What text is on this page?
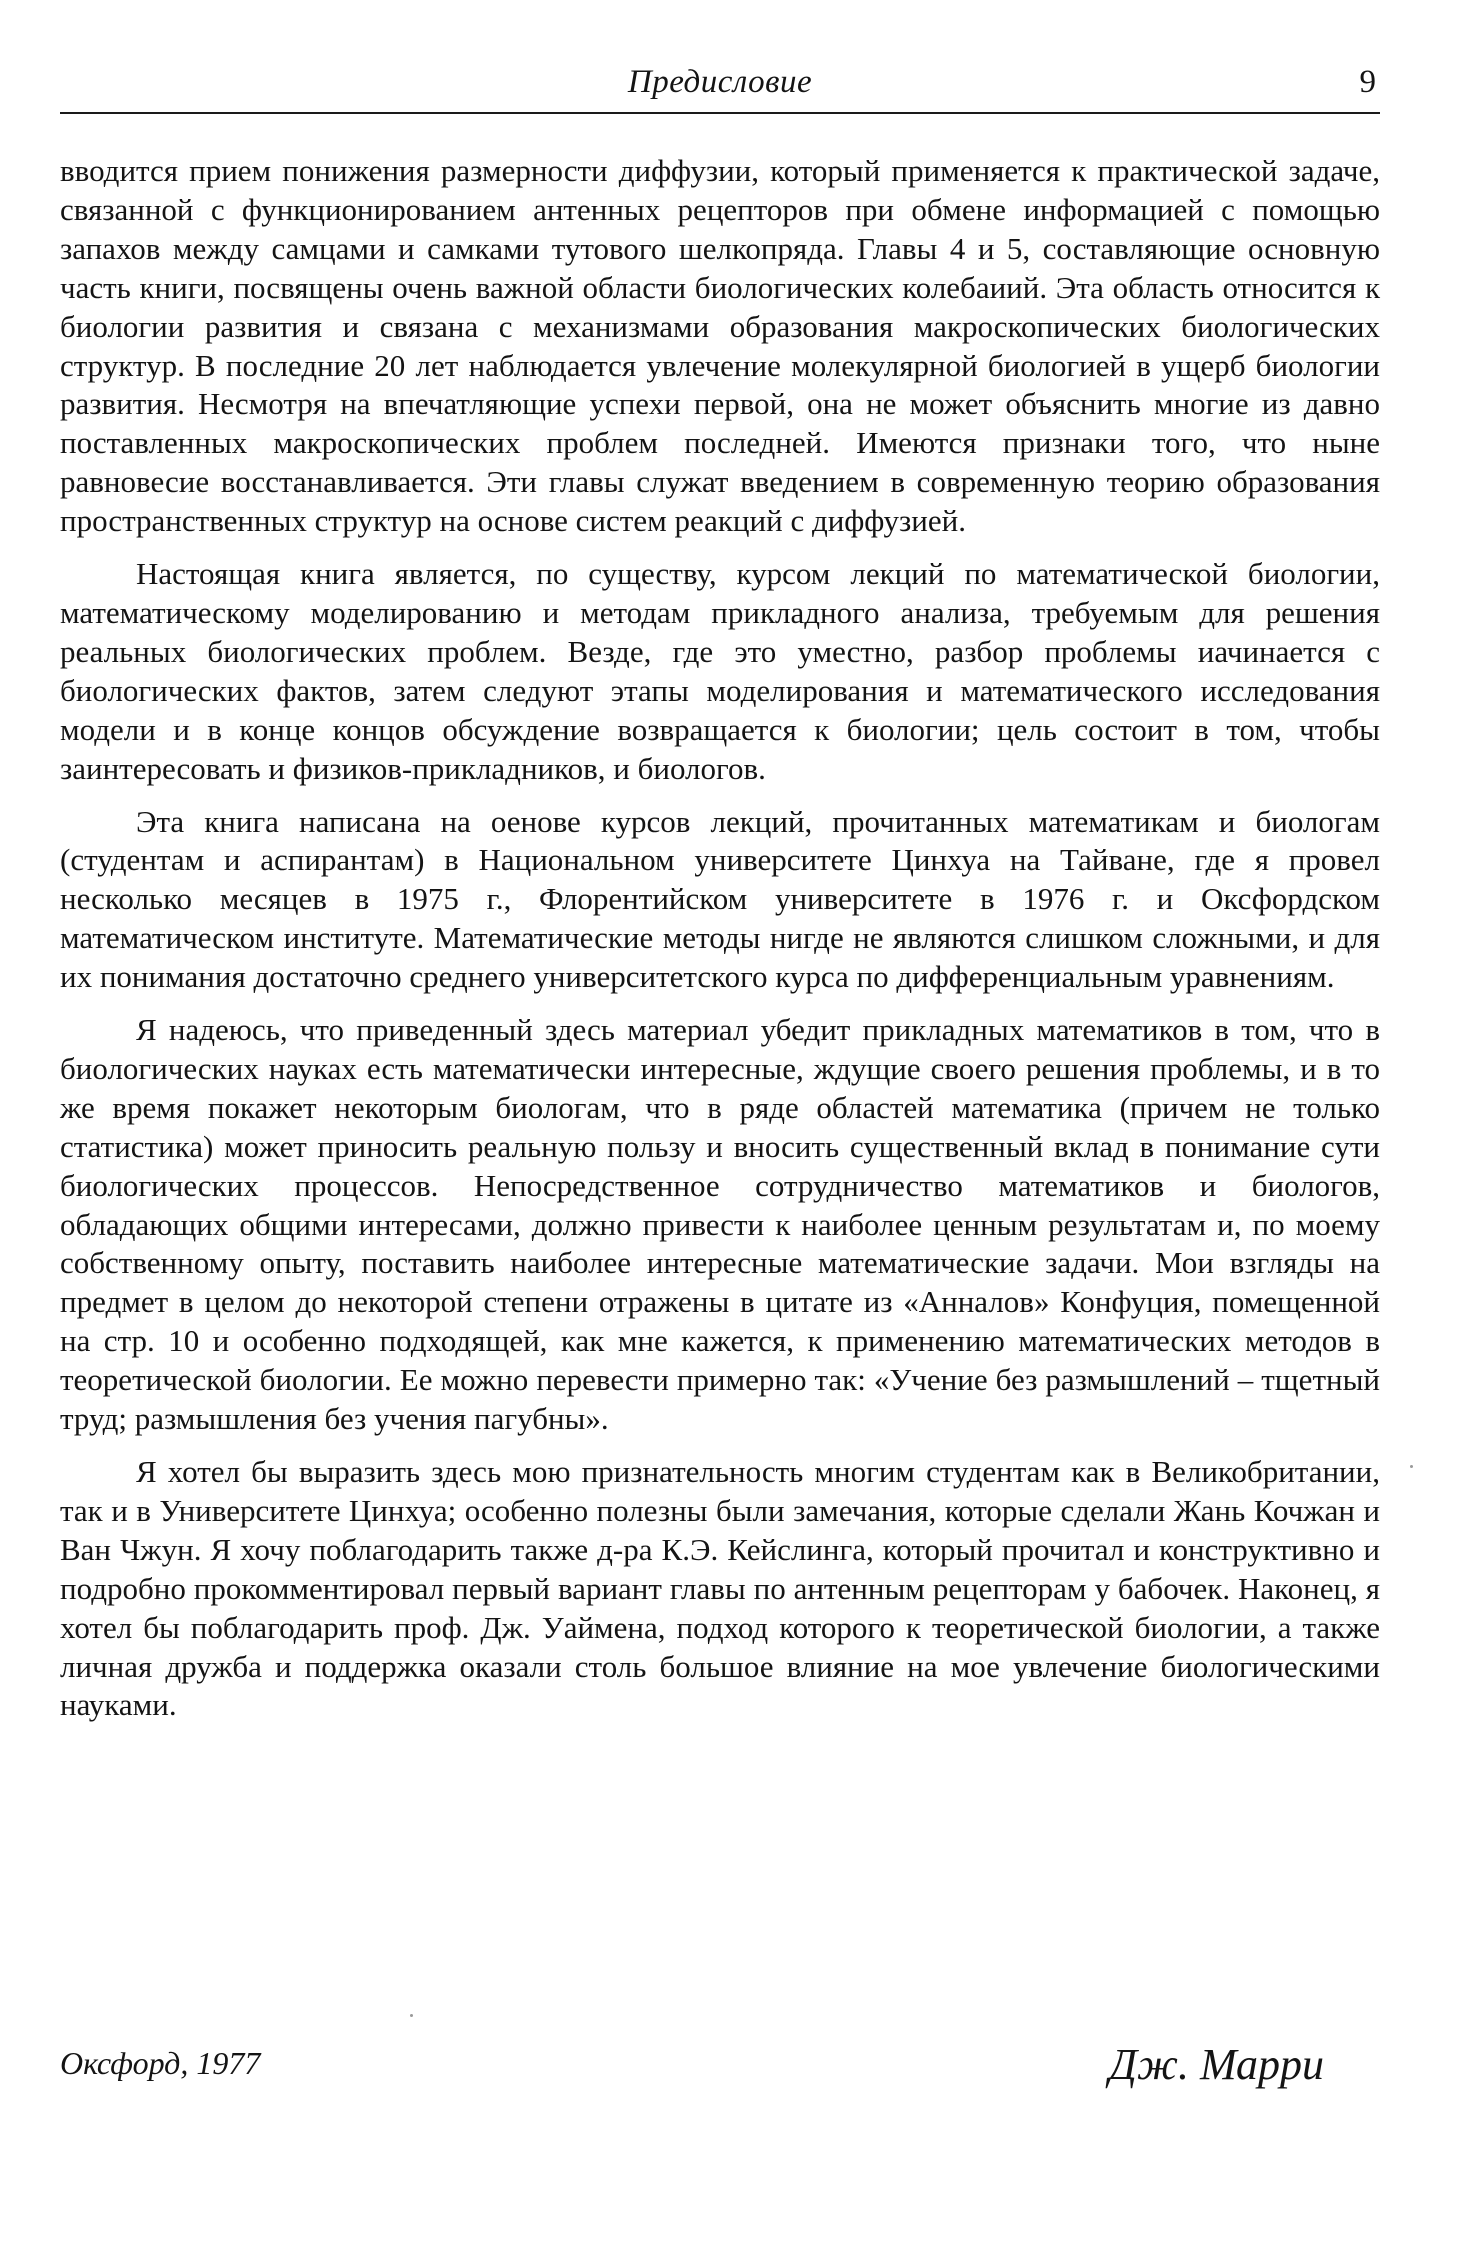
Предисловие	9

вводится прием понижения размерности диффузии, который применяется к практической задаче, связанной с функционированием антенных рецепторов при обмене информацией с помощью запахов между самцами и самками тутового шелкопряда. Главы 4 и 5, составляющие основную часть книги, посвящены очень важной области биологических колебаиий. Эта область относится к биологии развития и связана с механизмами образования макроскопических биологических структур. В последние 20 лет наблюдается увлечение молекулярной биологией в ущерб биологии развития. Несмотря на впечатляющие успехи первой, она не может объяснить многие из давно поставленных макроскопических проблем последней. Имеются признаки того, что ныне равновесие восстанавливается. Эти главы служат введением в современную теорию образования пространственных структур на основе систем реакций с диффузией.

Настоящая книга является, по существу, курсом лекций по математической биологии, математическому моделированию и методам прикладного анализа, требуемым для решения реальных биологических проблем. Везде, где это уместно, разбор проблемы иачинается с биологических фактов, затем следуют этапы моделирования и математического исследования модели и в конце концов обсуждение возвращается к биологии; цель состоит в том, чтобы заинтересовать и физиков-прикладников, и биологов.

Эта книга написана на оенове курсов лекций, прочитанных математикам и биологам (студентам и аспирантам) в Национальном университете Цинхуа на Тайване, где я провел несколько месяцев в 1975 г., Флорентийском университете в 1976 г. и Оксфордском математическом институте. Математические методы нигде не являются слишком сложными, и для их понимания достаточно среднего университетского курса по дифференциальным уравнениям.

Я надеюсь, что приведенный здесь материал убедит прикладных математиков в том, что в биологических науках есть математически интересные, ждущие своего решения проблемы, и в то же время покажет некоторым биологам, что в ряде областей математика (причем не только статистика) может приносить реальную пользу и вносить существенный вклад в понимание сути биологических процессов. Непосредственное сотрудничество математиков и биологов, обладающих общими интересами, должно привести к наиболее ценным результатам и, по моему собственному опыту, поставить наиболее интересные математические задачи. Мои взгляды на предмет в целом до некоторой степени отражены в цитате из «Анналов» Конфуция, помещенной на стр. 10 и особенно подходящей, как мне кажется, к применению математических методов в теоретической биологии. Ее можно перевести примерно так: «Учение без размышлений – тщетный труд; размышления без учения пагубны».

Я хотел бы выразить здесь мою признательность многим студентам как в Великобритании, так и в Университете Цинхуа; особенно полезны были замечания, которые сделали Жань Кочжан и Ван Чжун. Я хочу поблагодарить также д-ра К.Э. Кейслинга, который прочитал и конструктивно и подробно прокомментировал первый вариант главы по антенным рецепторам у бабочек. Наконец, я хотел бы поблагодарить проф. Дж. Уаймена, подход которого к теоретической биологии, а также личная дружба и поддержка оказали столь большое влияние на мое увлечение биологическими науками.

Оксфорд, 1977	Дж. Марри
